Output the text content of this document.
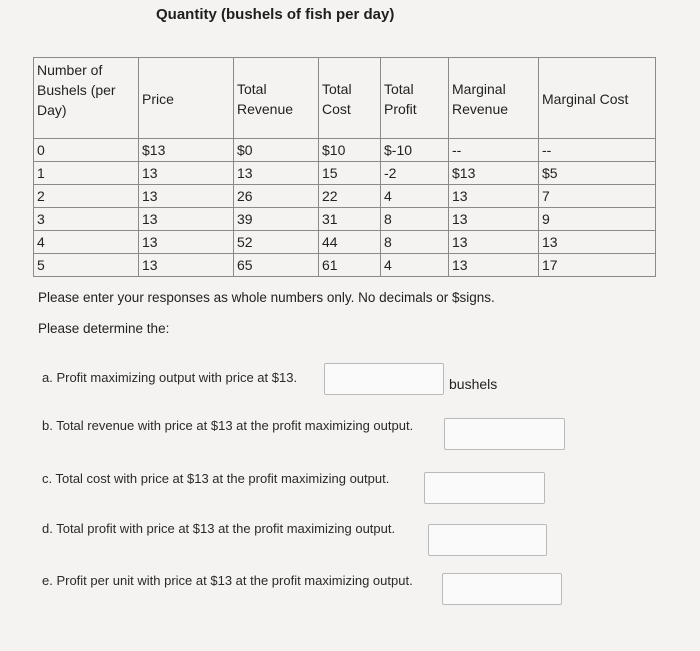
Quantity (bushels of fish per day)
Number of Bushels (per Day)	Price	Total Revenue	Total Cost	Total Profit	Marginal Revenue	Marginal Cost
0	$13	$0	$10	$-10	--	--
1	13	13	15	-2	$13	$5
2	13	26	22	4	13	7
3	13	39	31	8	13	9
4	13	52	44	8	13	13
5	13	65	61	4	13	17
Please enter your responses as whole numbers only. No decimals or $signs.
Please determine the:
a. Profit maximizing output with price at $13.	bushels
b. Total revenue with price at $13 at the profit maximizing output.
c. Total cost with price at $13 at the profit maximizing output.
d. Total profit with price at $13 at the profit maximizing output.
e. Profit per unit with price at $13 at the profit maximizing output.
